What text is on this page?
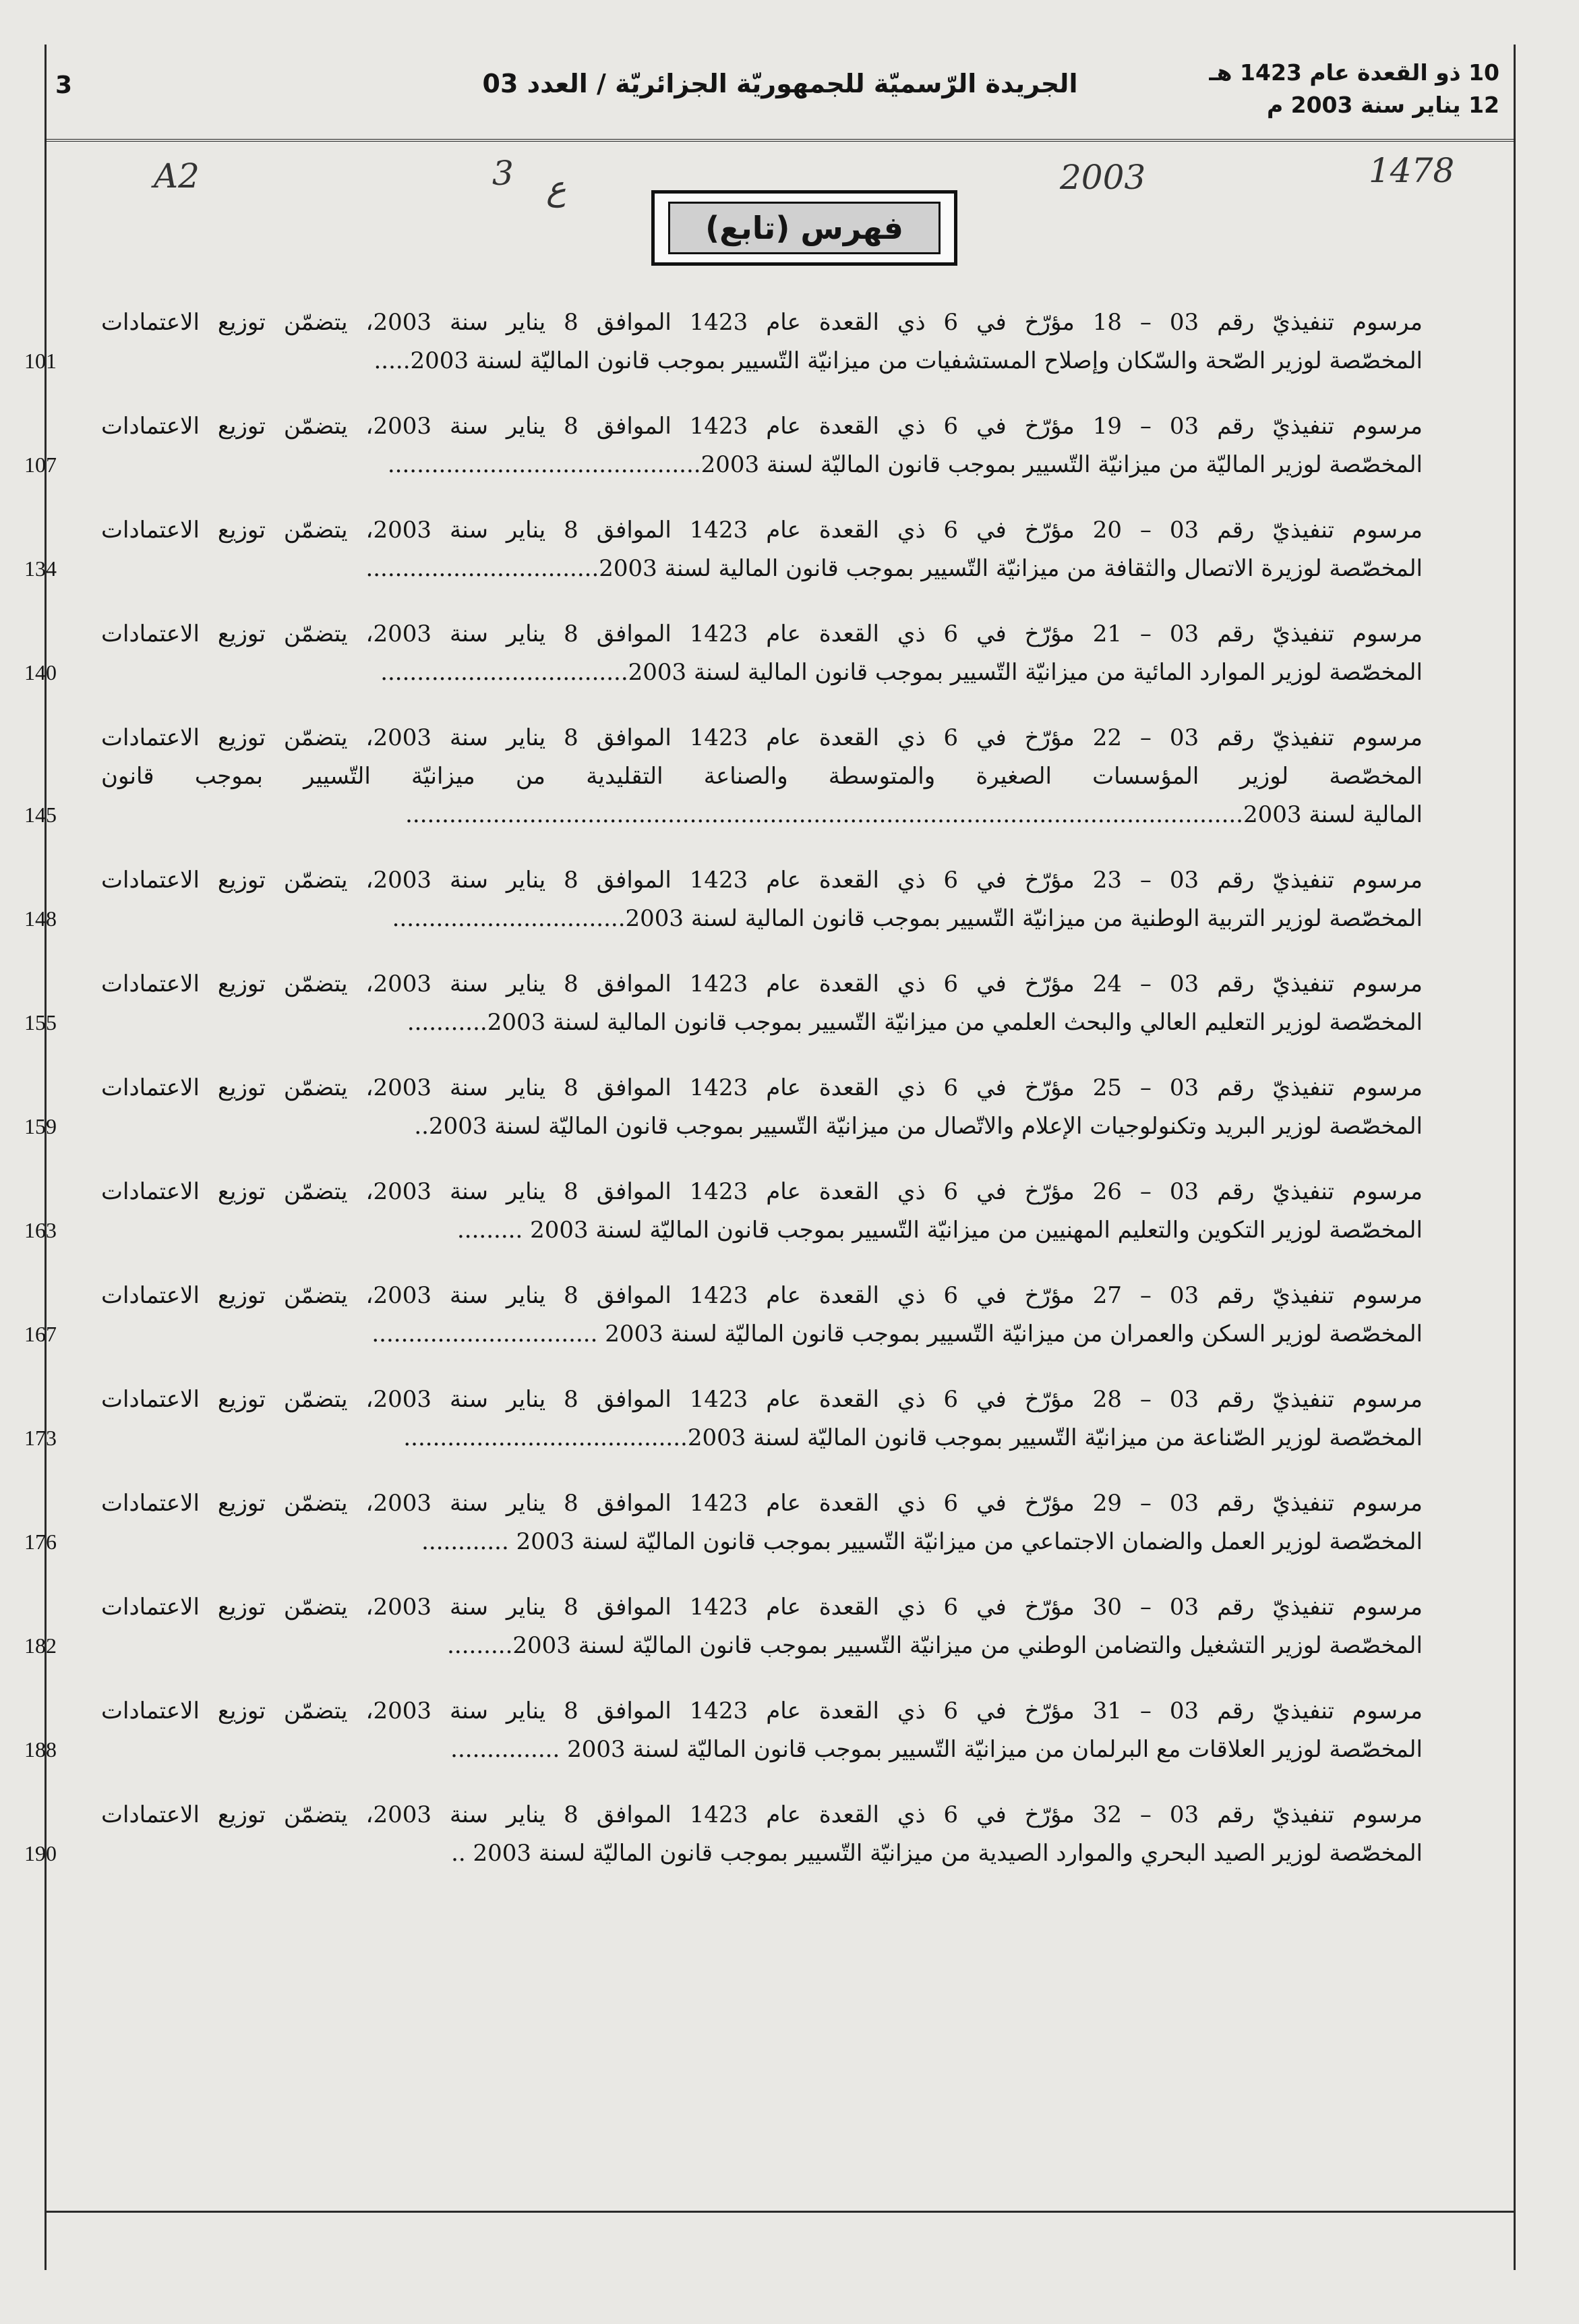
10 ذو القعدة عام 1423 هـ
12 يناير سنة 2003 م
الجريدة الرّسميّة للجمهوريّة الجزائريّة / العدد 03
3
A2	3 ع	2003	1478
فهرس (تابع)
مرسوم تنفيذيّ رقم 03 – 18 مؤرّخ في 6 ذي القعدة عام 1423 الموافق 8 يناير سنة 2003، يتضمّن توزيع الاعتمادات
المخصّصة لوزير الصّحة والسّكان وإصلاح المستشفيات من ميزانيّة التّسيير بموجب قانون الماليّة لسنة 2003.....
101
مرسوم تنفيذيّ رقم 03 – 19 مؤرّخ في 6 ذي القعدة عام 1423 الموافق 8 يناير سنة 2003، يتضمّن توزيع الاعتمادات
المخصّصة لوزير الماليّة من ميزانيّة التّسيير بموجب قانون الماليّة لسنة 2003...........................................
107
مرسوم تنفيذيّ رقم 03 – 20 مؤرّخ في 6 ذي القعدة عام 1423 الموافق 8 يناير سنة 2003، يتضمّن توزيع الاعتمادات
المخصّصة لوزيرة الاتصال والثقافة من ميزانيّة التّسيير بموجب قانون المالية لسنة 2003................................
134
مرسوم تنفيذيّ رقم 03 – 21 مؤرّخ في 6 ذي القعدة عام 1423 الموافق 8 يناير سنة 2003، يتضمّن توزيع الاعتمادات
المخصّصة لوزير الموارد المائية من ميزانيّة التّسيير بموجب قانون المالية لسنة 2003..................................
140
مرسوم تنفيذيّ رقم 03 – 22 مؤرّخ في 6 ذي القعدة عام 1423 الموافق 8 يناير سنة 2003، يتضمّن توزيع الاعتمادات
المخصّصة لوزير المؤسسات الصغيرة والمتوسطة والصناعة التقليدية من ميزانيّة التّسيير بموجب قانون
المالية لسنة 2003...................................................................................................................
145
مرسوم تنفيذيّ رقم 03 – 23 مؤرّخ في 6 ذي القعدة عام 1423 الموافق 8 يناير سنة 2003، يتضمّن توزيع الاعتمادات
المخصّصة لوزير التربية الوطنية من ميزانيّة التّسيير بموجب قانون المالية لسنة 2003................................
148
مرسوم تنفيذيّ رقم 03 – 24 مؤرّخ في 6 ذي القعدة عام 1423 الموافق 8 يناير سنة 2003، يتضمّن توزيع الاعتمادات
المخصّصة لوزير التعليم العالي والبحث العلمي من ميزانيّة التّسيير بموجب قانون المالية لسنة 2003...........
155
مرسوم تنفيذيّ رقم 03 – 25 مؤرّخ في 6 ذي القعدة عام 1423 الموافق 8 يناير سنة 2003، يتضمّن توزيع الاعتمادات
المخصّصة لوزير البريد وتكنولوجيات الإعلام والاتّصال من ميزانيّة التّسيير بموجب قانون الماليّة لسنة 2003..
159
مرسوم تنفيذيّ رقم 03 – 26 مؤرّخ في 6 ذي القعدة عام 1423 الموافق 8 يناير سنة 2003، يتضمّن توزيع الاعتمادات
المخصّصة لوزير التكوين والتعليم المهنيين من ميزانيّة التّسيير بموجب قانون الماليّة لسنة 2003 .........
163
مرسوم تنفيذيّ رقم 03 – 27 مؤرّخ في 6 ذي القعدة عام 1423 الموافق 8 يناير سنة 2003، يتضمّن توزيع الاعتمادات
المخصّصة لوزير السكن والعمران من ميزانيّة التّسيير بموجب قانون الماليّة لسنة 2003 ...............................
167
مرسوم تنفيذيّ رقم 03 – 28 مؤرّخ في 6 ذي القعدة عام 1423 الموافق 8 يناير سنة 2003، يتضمّن توزيع الاعتمادات
المخصّصة لوزير الصّناعة من ميزانيّة التّسيير بموجب قانون الماليّة لسنة 2003.......................................
173
مرسوم تنفيذيّ رقم 03 – 29 مؤرّخ في 6 ذي القعدة عام 1423 الموافق 8 يناير سنة 2003، يتضمّن توزيع الاعتمادات
المخصّصة لوزير العمل والضمان الاجتماعي من ميزانيّة التّسيير بموجب قانون الماليّة لسنة 2003 ............
176
مرسوم تنفيذيّ رقم 03 – 30 مؤرّخ في 6 ذي القعدة عام 1423 الموافق 8 يناير سنة 2003، يتضمّن توزيع الاعتمادات
المخصّصة لوزير التشغيل والتضامن الوطني من ميزانيّة التّسيير بموجب قانون الماليّة لسنة 2003.........
182
مرسوم تنفيذيّ رقم 03 – 31 مؤرّخ في 6 ذي القعدة عام 1423 الموافق 8 يناير سنة 2003، يتضمّن توزيع الاعتمادات
المخصّصة لوزير العلاقات مع البرلمان من ميزانيّة التّسيير بموجب قانون الماليّة لسنة 2003 ...............
188
مرسوم تنفيذيّ رقم 03 – 32 مؤرّخ في 6 ذي القعدة عام 1423 الموافق 8 يناير سنة 2003، يتضمّن توزيع الاعتمادات
المخصّصة لوزير الصيد البحري والموارد الصيدية من ميزانيّة التّسيير بموجب قانون الماليّة لسنة 2003 ..
190
